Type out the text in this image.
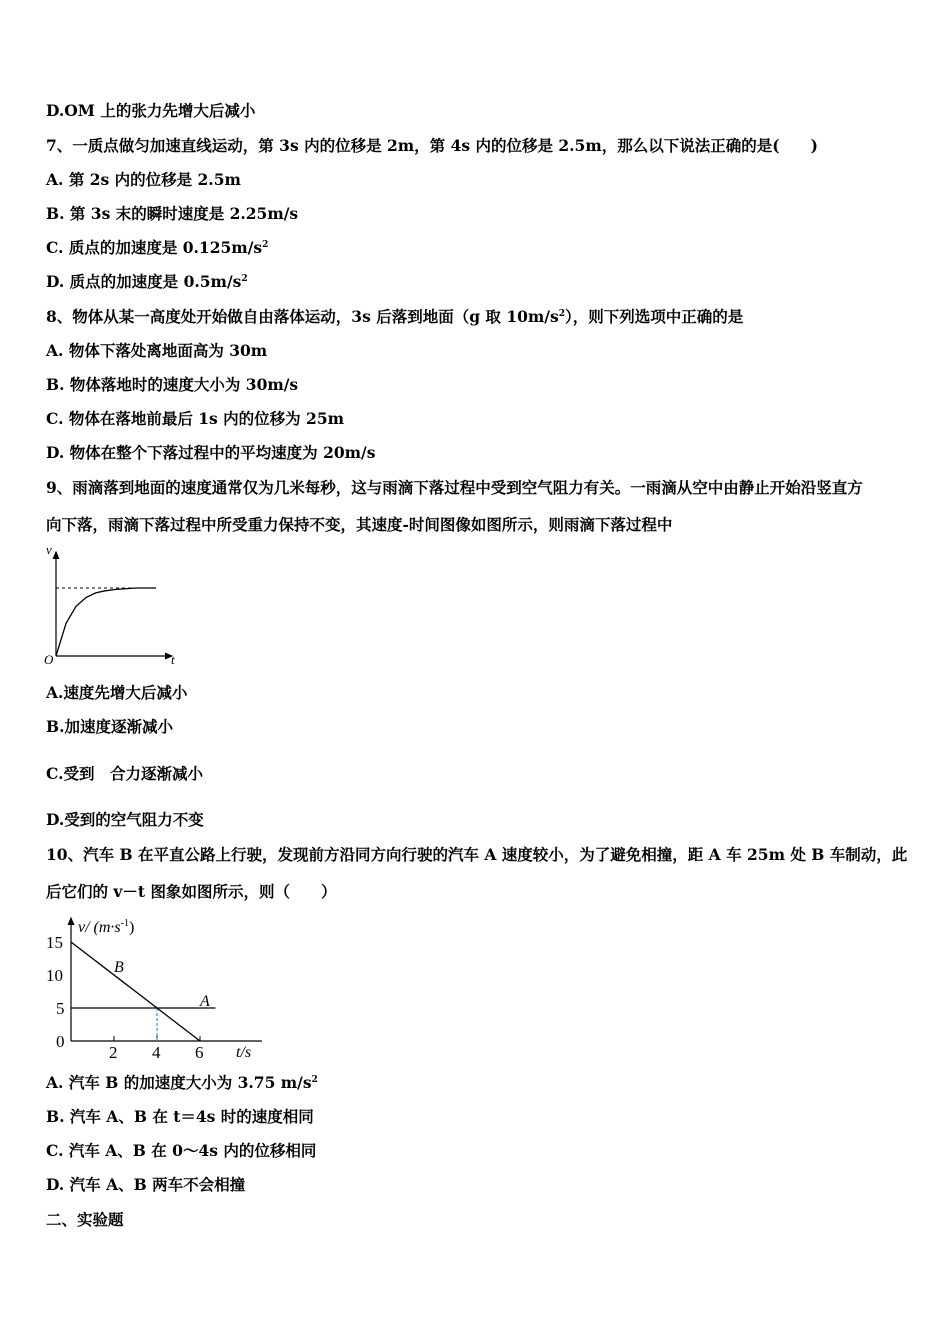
D.OM 上的张力先增大后减小
7、一质点做匀加速直线运动，第 3s 内的位移是 2m，第 4s 内的位移是 2.5m，那么以下说法正确的是(　　)
A. 第 2s 内的位移是 2.5m
B. 第 3s 末的瞬时速度是 2.25m/s
C. 质点的加速度是 $0.125m/s^2$
D. 质点的加速度是 $0.5m/s^2$
8、物体从某一高度处开始做自由落体运动，3s 后落到地面（g 取 $10m/s^2$），则下列选项中正确的是
A. 物体下落处离地面高为 30m
B. 物体落地时的速度大小为 30m/s
C. 物体在落地前最后 1s 内的位移为 25m
D. 物体在整个下落过程中的平均速度为 20m/s
9、雨滴落到地面的速度通常仅为几米每秒，这与雨滴下落过程中受到空气阻力有关。一雨滴从空中由静止开始沿竖直方
向下落，雨滴下落过程中所受重力保持不变，其速度-时间图像如图所示，则雨滴下落过程中
v
O	t
A.速度先增大后减小
B.加速度逐渐减小
C.受到　合力逐渐减小
D.受到的空气阻力不变
10、汽车 B 在平直公路上行驶，发现前方沿同方向行驶的汽车 A 速度较小，为了避免相撞，距 A 车 25m 处 B 车制动，此
后它们的 v－t 图象如图所示，则（　　）
2 4 6
15
10
5
0
v/ $(m\cdot s^{-1})$
t/s
B
A
A. 汽车 B 的加速度大小为 3.75 $m/s^2$
B. 汽车 A、B 在 t＝4s 时的速度相同
C. 汽车 A、B 在 0～4s 内的位移相同
D. 汽车 A、B 两车不会相撞
二、实验题
